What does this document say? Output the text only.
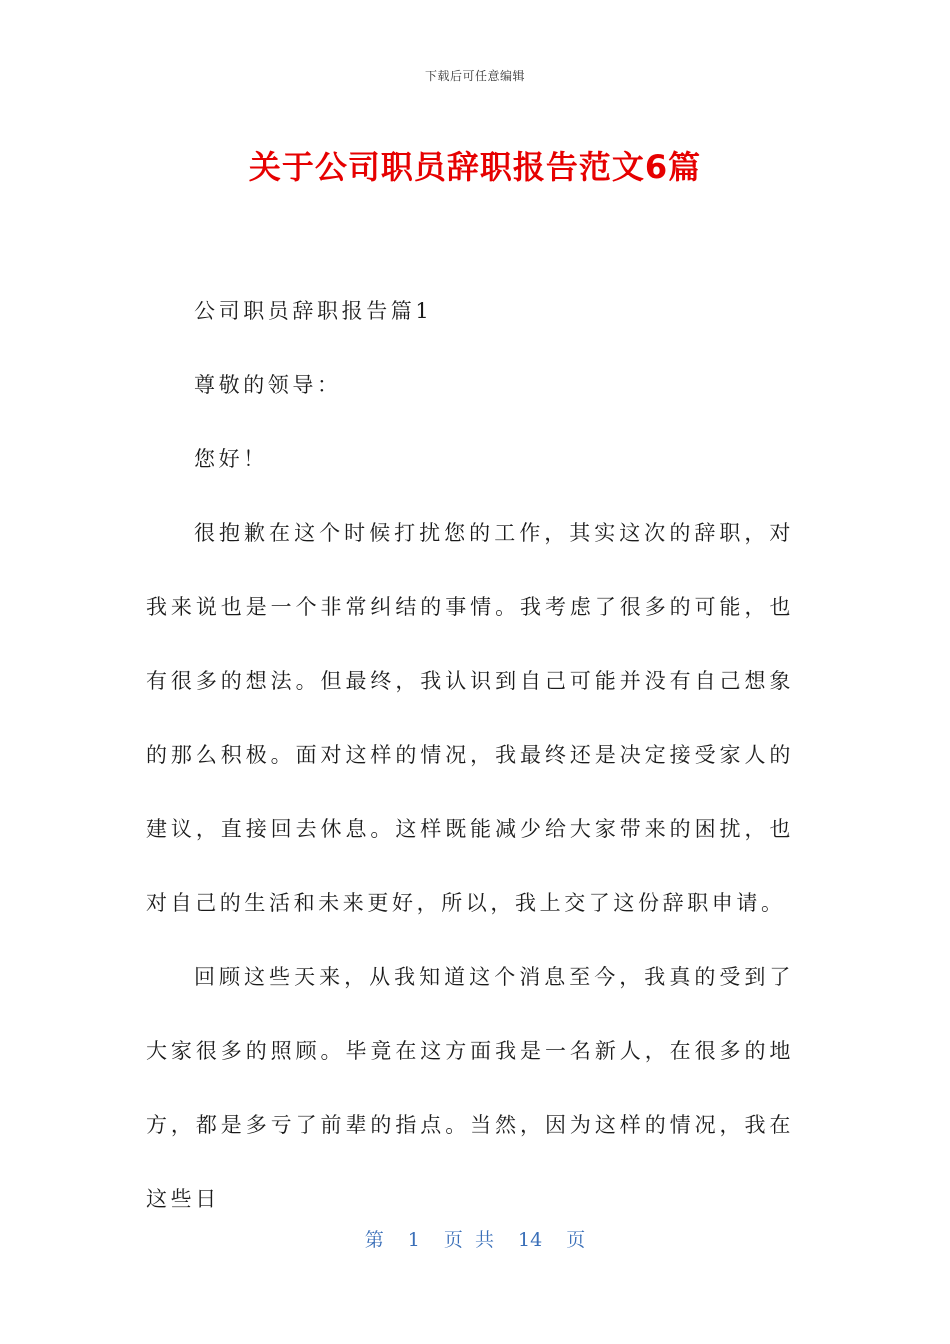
下载后可任意编辑
关于公司职员辞职报告范文6篇

公司职员辞职报告篇1

尊敬的领导：

您好！

很抱歉在这个时候打扰您的工作，其实这次的辞职，对我来说也是一个非常纠结的事情。我考虑了很多的可能，也有很多的想法。但最终，我认识到自己可能并没有自己想象的那么积极。面对这样的情况，我最终还是决定接受家人的建议，直接回去休息。这样既能减少给大家带来的困扰，也对自己的生活和未来更好，所以，我上交了这份辞职申请。

回顾这些天来，从我知道这个消息至今，我真的受到了大家很多的照顾。毕竟在这方面我是一名新人，在很多的地方，都是多亏了前辈的指点。当然，因为这样的情况，我在这些日

第 1 页 共 14 页
